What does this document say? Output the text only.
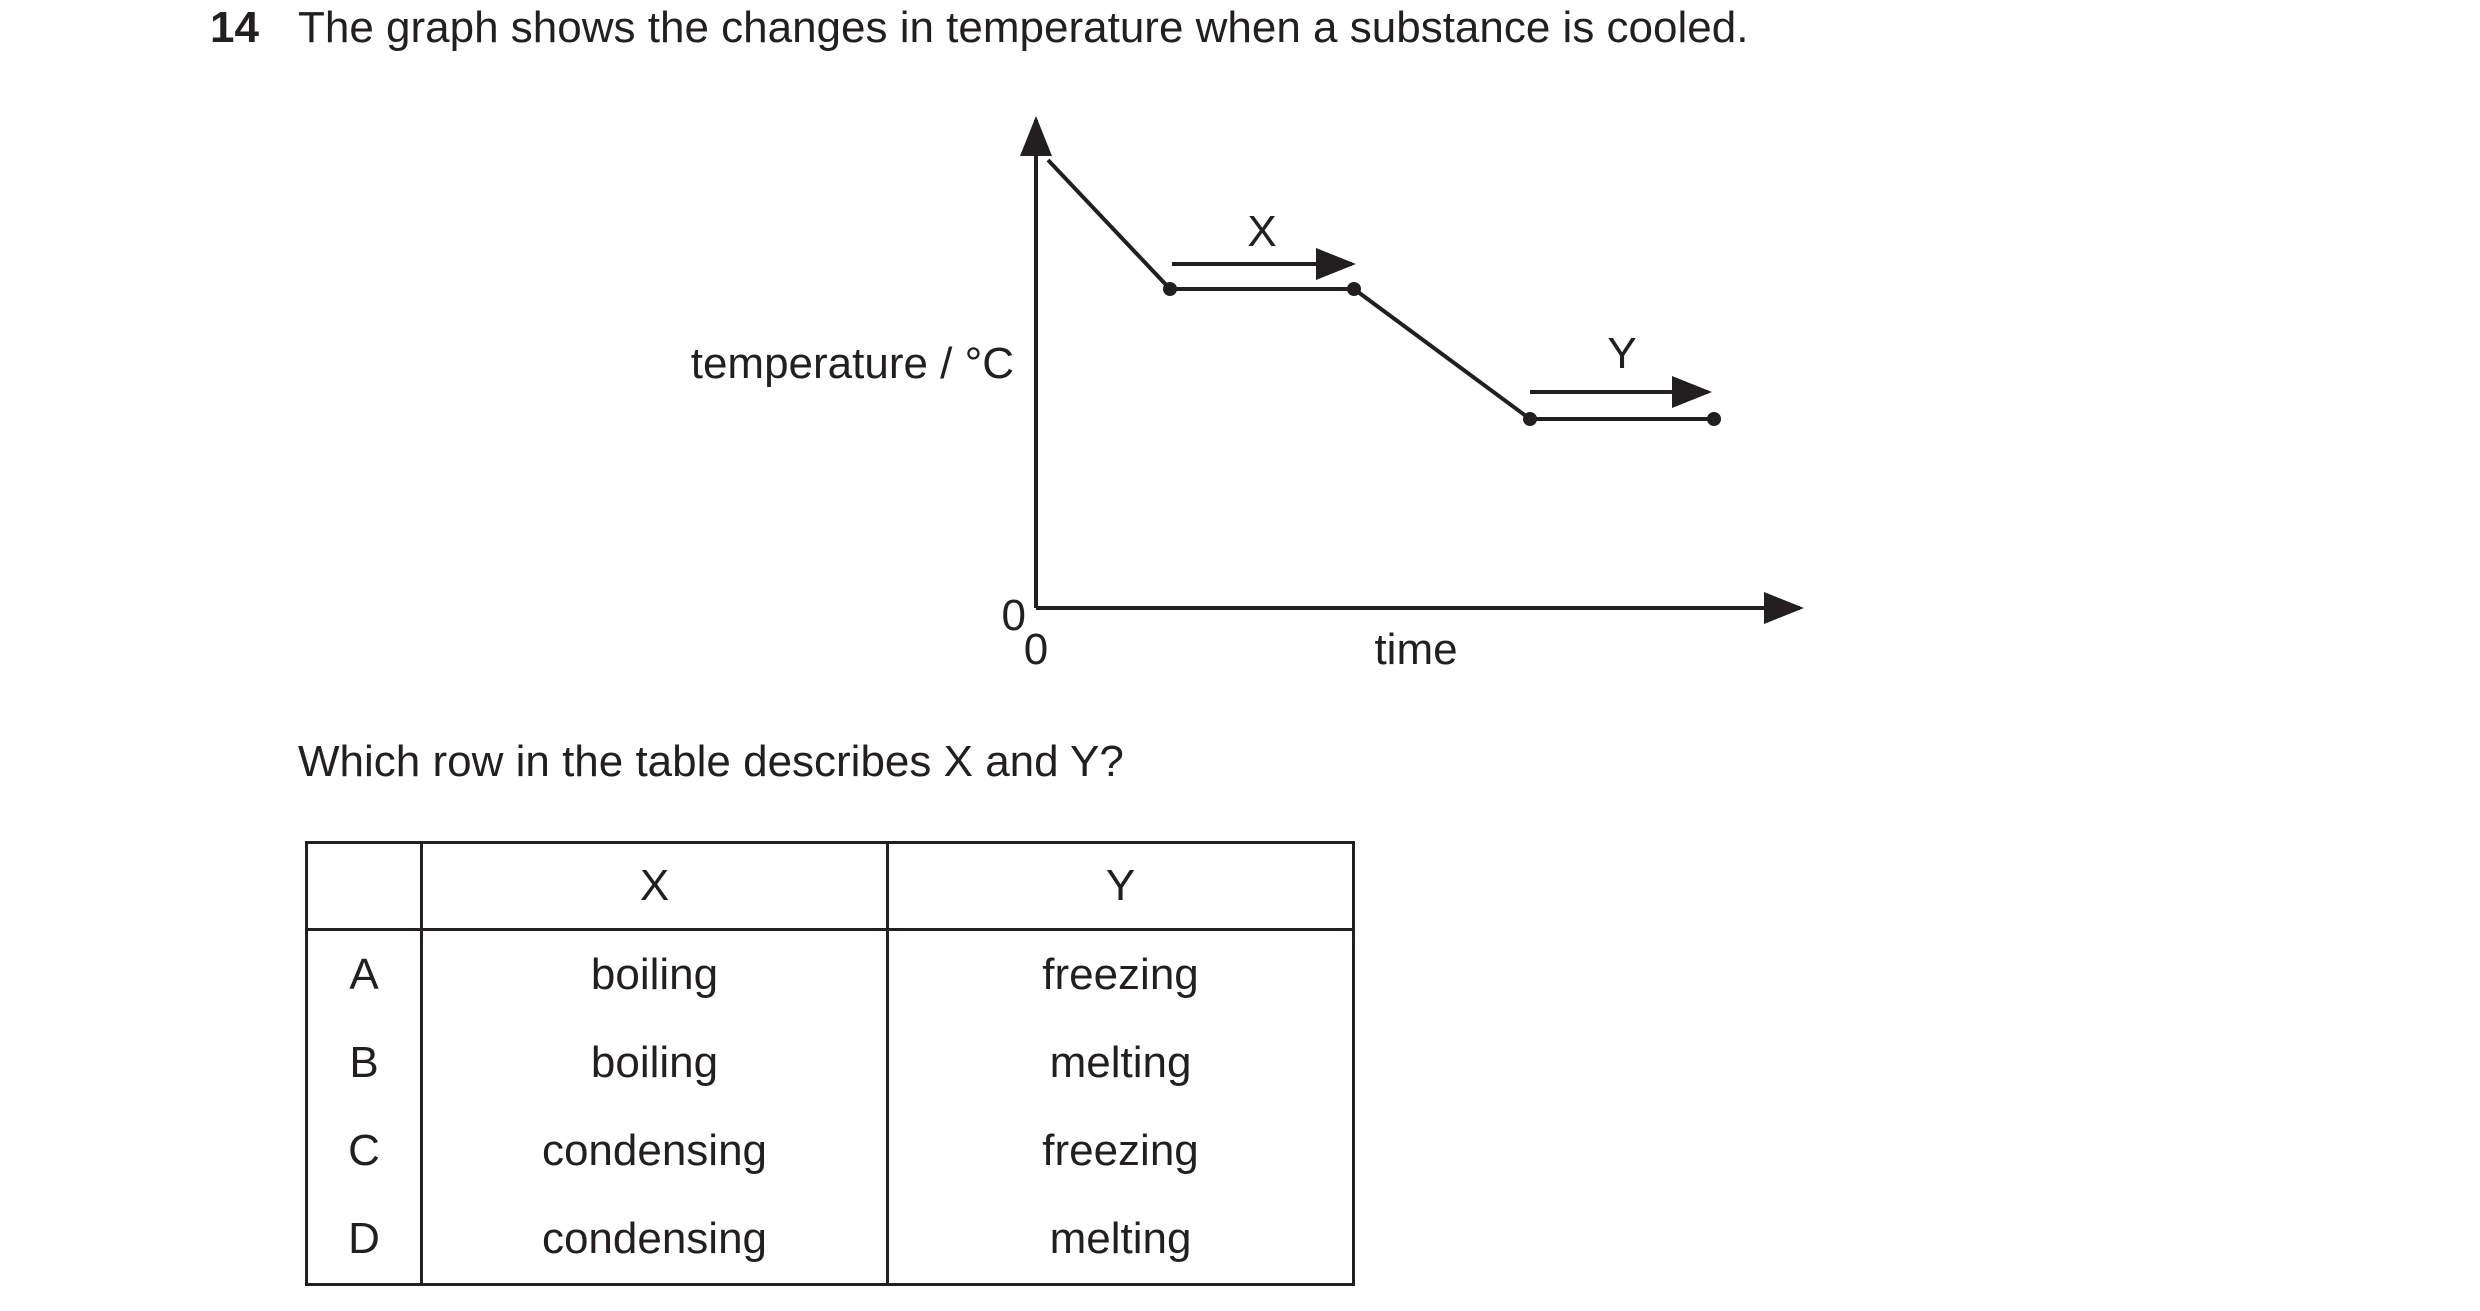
14 The graph shows the changes in temperature when a substance is cooled.
X
Y
temperature / °C
time
0
0
Which row in the table describes X and Y?
	X	Y
A	boiling	freezing
B	boiling	melting
C	condensing	freezing
D	condensing	melting
